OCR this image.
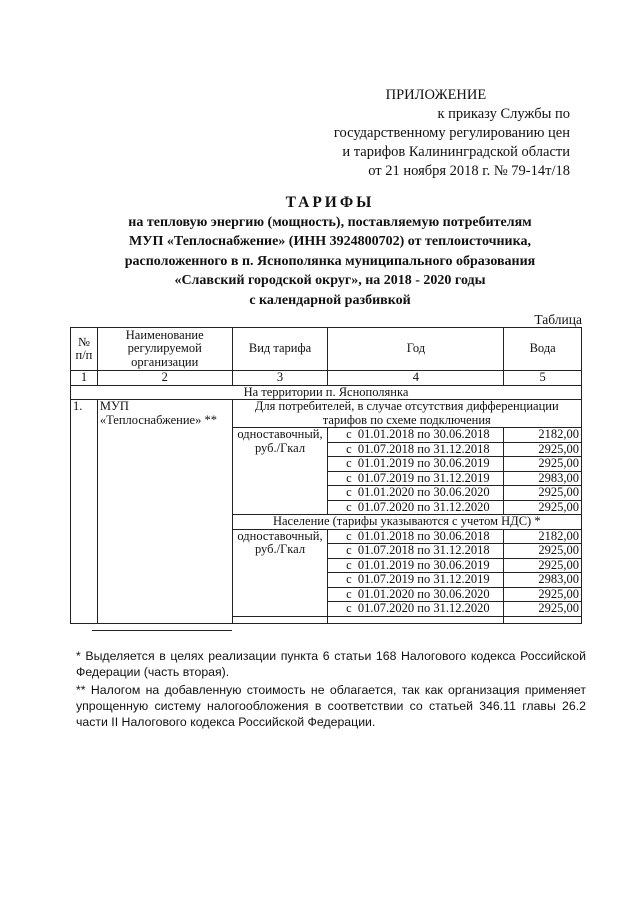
ПРИЛОЖЕНИЕ
к приказу Службы по
государственному регулированию цен
и тарифов Калининградской области
от 21 ноября 2018 г. № 79-14т/18
ТАРИФЫ
на тепловую энергию (мощность), поставляемую потребителям
МУП «Теплоснабжение» (ИНН 3924800702) от теплоисточника,
расположенного в п. Яснополянка муниципального образования
«Славский городской округ», на 2018 - 2020 годы
с календарной разбивкой
Таблица
№ п/п	Наименование регулируемой организации	Вид тарифа	Год	Вода
1	2	3	4	5
На территории п. Яснополянка				
1.	МУП «Теплоснабжение» **	Для потребителей, в случае отсутствия дифференциации тарифов по схеме подключения		
		одноставочный, руб./Гкал	с 01.01.2018 по 30.06.2018	2182,00
			с 01.07.2018 по 31.12.2018	2925,00
			с 01.01.2019 по 30.06.2019	2925,00
			с 01.07.2019 по 31.12.2019	2983,00
			с 01.01.2020 по 30.06.2020	2925,00
			с 01.07.2020 по 31.12.2020	2925,00
		Население (тарифы указываются с учетом НДС) *		
		одноставочный, руб./Гкал	с 01.01.2018 по 30.06.2018	2182,00
			с 01.07.2018 по 31.12.2018	2925,00
			с 01.01.2019 по 30.06.2019	2925,00
			с 01.07.2019 по 31.12.2019	2983,00
			с 01.01.2020 по 30.06.2020	2925,00
			с 01.07.2020 по 31.12.2020	2925,00

* Выделяется в целях реализации пункта 6 статьи 168 Налогового кодекса Российской Федерации (часть вторая).

** Налогом на добавленную стоимость не облагается, так как организация применяет упрощенную систему налогообложения в соответствии со статьей 346.11 главы 26.2 части II Налогового кодекса Российской Федерации.
